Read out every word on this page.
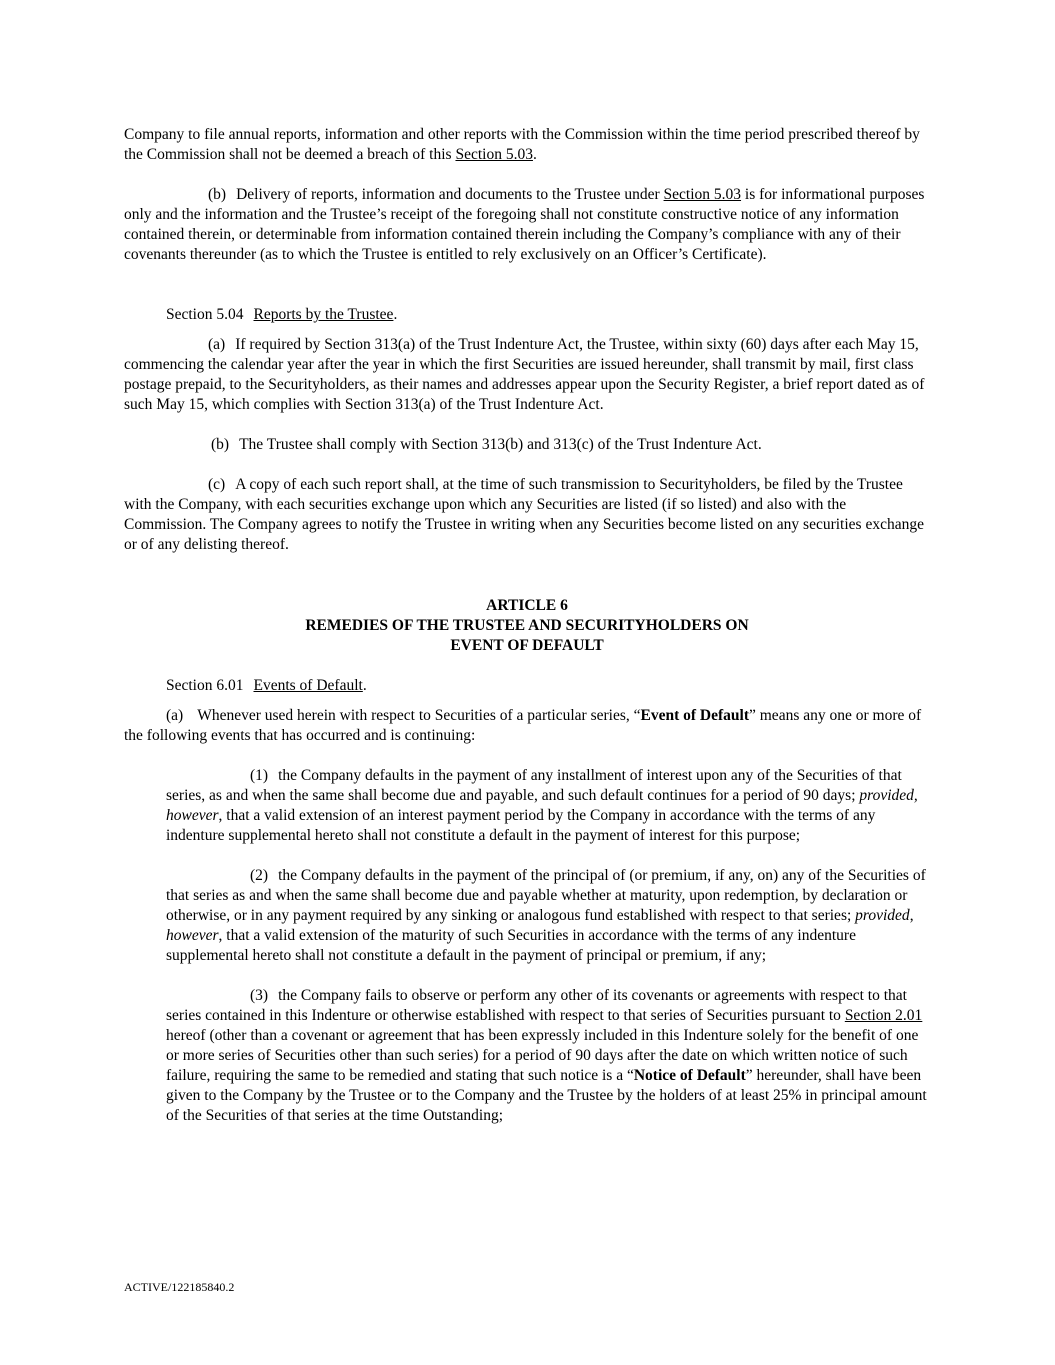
Company to file annual reports, information and other reports with the Commission within the time period prescribed thereof by the Commission shall not be deemed a breach of this Section 5.03.

(b) Delivery of reports, information and documents to the Trustee under Section 5.03 is for informational purposes only and the information and the Trustee’s receipt of the foregoing shall not constitute constructive notice of any information contained therein, or determinable from information contained therein including the Company’s compliance with any of their covenants thereunder (as to which the Trustee is entitled to rely exclusively on an Officer’s Certificate).

Section 5.04 Reports by the Trustee.

(a) If required by Section 313(a) of the Trust Indenture Act, the Trustee, within sixty (60) days after each May 15, commencing the calendar year after the year in which the first Securities are issued hereunder, shall transmit by mail, first class postage prepaid, to the Securityholders, as their names and addresses appear upon the Security Register, a brief report dated as of such May 15, which complies with Section 313(a) of the Trust Indenture Act.

(b) The Trustee shall comply with Section 313(b) and 313(c) of the Trust Indenture Act.

(c) A copy of each such report shall, at the time of such transmission to Securityholders, be filed by the Trustee with the Company, with each securities exchange upon which any Securities are listed (if so listed) and also with the Commission. The Company agrees to notify the Trustee in writing when any Securities become listed on any securities exchange or of any delisting thereof.

ARTICLE 6

REMEDIES OF THE TRUSTEE AND SECURITYHOLDERS ON

EVENT OF DEFAULT

Section 6.01 Events of Default.

(a) Whenever used herein with respect to Securities of a particular series, “Event of Default” means any one or more of the following events that has occurred and is continuing:

(1) the Company defaults in the payment of any installment of interest upon any of the Securities of that series, as and when the same shall become due and payable, and such default continues for a period of 90 days; provided, however, that a valid extension of an interest payment period by the Company in accordance with the terms of any indenture supplemental hereto shall not constitute a default in the payment of interest for this purpose;

(2) the Company defaults in the payment of the principal of (or premium, if any, on) any of the Securities of that series as and when the same shall become due and payable whether at maturity, upon redemption, by declaration or otherwise, or in any payment required by any sinking or analogous fund established with respect to that series; provided, however, that a valid extension of the maturity of such Securities in accordance with the terms of any indenture supplemental hereto shall not constitute a default in the payment of principal or premium, if any;

(3) the Company fails to observe or perform any other of its covenants or agreements with respect to that series contained in this Indenture or otherwise established with respect to that series of Securities pursuant to Section 2.01 hereof (other than a covenant or agreement that has been expressly included in this Indenture solely for the benefit of one or more series of Securities other than such series) for a period of 90 days after the date on which written notice of such failure, requiring the same to be remedied and stating that such notice is a “Notice of Default” hereunder, shall have been given to the Company by the Trustee or to the Company and the Trustee by the holders of at least 25% in principal amount of the Securities of that series at the time Outstanding;

ACTIVE/122185840.2
